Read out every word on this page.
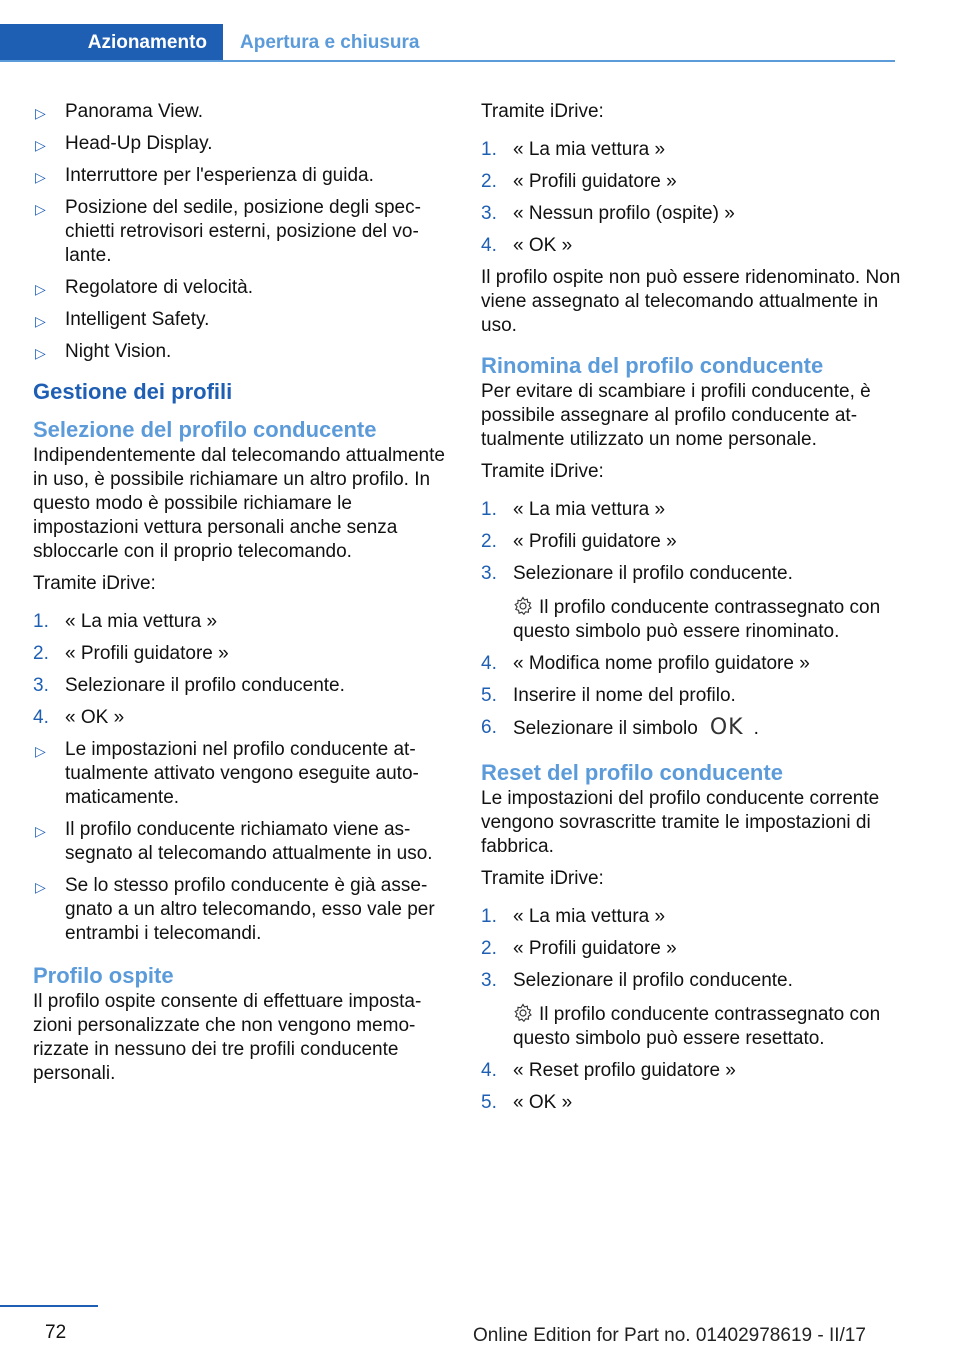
Azionamento	Apertura e chiusura
▷ Panorama View.
▷ Head-Up Display.
▷ Interruttore per l'esperienza di guida.
▷ Posizione del sedile, posizione degli specchietti retrovisori esterni, posizione del volante.
▷ Regolatore di velocità.
▷ Intelligent Safety.
▷ Night Vision.
Gestione dei profili
Selezione del profilo conducente

Indipendentemente dal telecomando attualmente in uso, è possibile richiamare un altro profilo. In questo modo è possibile richiamare le impostazioni vettura personali anche senza sbloccarle con il proprio telecomando.

Tramite iDrive:

1. « La mia vettura »
2. « Profili guidatore »
3. Selezionare il profilo conducente.
4. « OK »
▷ Le impostazioni nel profilo conducente attualmente attivato vengono eseguite automaticamente.
▷ Il profilo conducente richiamato viene assegnato al telecomando attualmente in uso.
▷ Se lo stesso profilo conducente è già assegnato a un altro telecomando, esso vale per entrambi i telecomandi.
Profilo ospite

Il profilo ospite consente di effettuare impostazioni personalizzate che non vengono memorizzate in nessuno dei tre profili conducente personali.

Tramite iDrive:

1. « La mia vettura »
2. « Profili guidatore »
3. « Nessun profilo (ospite) »
4. « OK »

Il profilo ospite non può essere ridenominato. Non viene assegnato al telecomando attualmente in uso.

Rinomina del profilo conducente

Per evitare di scambiare i profili conducente, è possibile assegnare al profilo conducente attualmente utilizzato un nome personale.

Tramite iDrive:

1. « La mia vettura »
2. « Profili guidatore »
3. Selezionare il profilo conducente.
Il profilo conducente contrassegnato con questo simbolo può essere rinominato.
4. « Modifica nome profilo guidatore »
5. Inserire il nome del profilo.
6. Selezionare il simbolo OK .
Reset del profilo conducente

Le impostazioni del profilo conducente corrente vengono sovrascritte tramite le impostazioni di fabbrica.

Tramite iDrive:

1. « La mia vettura »
2. « Profili guidatore »
3. Selezionare il profilo conducente.
Il profilo conducente contrassegnato con questo simbolo può essere resettato.
4. « Reset profilo guidatore »
5. « OK »
72	Online Edition for Part no. 01402978619 - II/17
